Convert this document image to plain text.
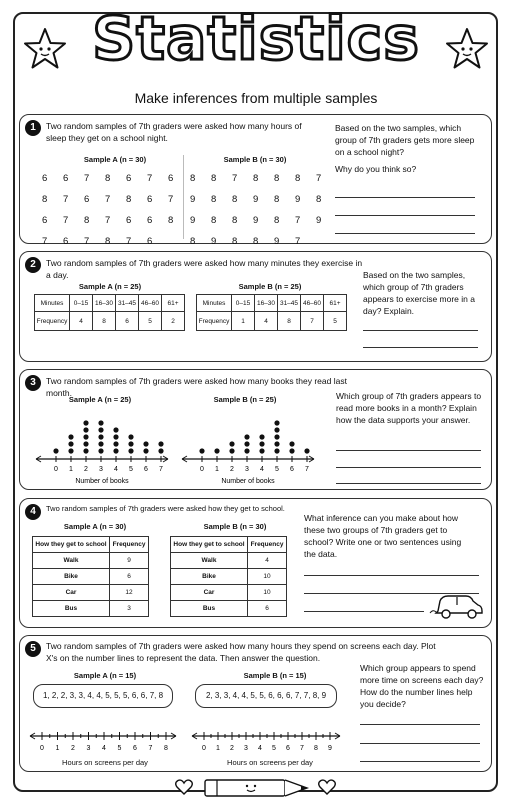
Statistics
Make inferences from multiple samples
1	Two random samples of 7th graders were asked how many hours of sleep they get on a school night.
Sample A (n = 30)	Sample B (n = 30)
6	6	7	8	6	7	6
8	7	6	7	8	6	7
6	7	8	7	6	6	8
7	6	7	8	7	6
8	8	7	8	8	8	7
9	8	8	9	8	9	8
9	8	8	9	8	7	9
8	9	8	8	9	7
Based on the two samples, which group of 7th graders gets more sleep on a school night?
Why do you think so?
2	Two random samples of 7th graders were asked how many minutes they exercise in a day.
Sample A (n = 25)	Sample B (n = 25)
Minutes	0–15	16–30	31–45	46–60	61+
Frequency	4	8	6	5	2
Minutes	0–15	16–30	31–45	46–60	61+
Frequency	1	4	8	7	5
Based on the two samples, which group of 7th graders appears to exercise more in a day? Explain.
3	Two random samples of 7th graders were asked how many books they read last month.
Sample A (n = 25)	Sample B (n = 25)
0 1 2 3 4 5 6 7
Number of books
0 1 2 3 4 5 6 7
Number of books
Which group of 7th graders appears to read more books in a month? Explain how the data supports your answer.
4	Two random samples of 7th graders were asked how they get to school.
Sample A (n = 30)	Sample B (n = 30)
How they get to school	Frequency
Walk	9
Bike	6
Car	12
Bus	3
How they get to school	Frequency
Walk	4
Bike	10
Car	10
Bus	6
What inference can you make about how these two groups of 7th graders get to school? Write one or two sentences using the data.
5	Two random samples of 7th graders were asked how many hours they spend on screens each day. Plot X's on the number lines to represent the data. Then answer the question.
Sample A (n = 15)	Sample B (n = 15)
1, 2, 2, 3, 3, 4, 4, 5, 5, 5, 6, 6, 7, 8	2, 3, 3, 4, 4, 5, 5, 6, 6, 6, 7, 7, 8, 9
0 1 2 3 4 5 6 7 8	0 1 2 3 4 5 6 7 8 9
Hours on screens per day	Hours on screens per day
Which group appears to spend more time on screens each day? How do the number lines help you decide?
